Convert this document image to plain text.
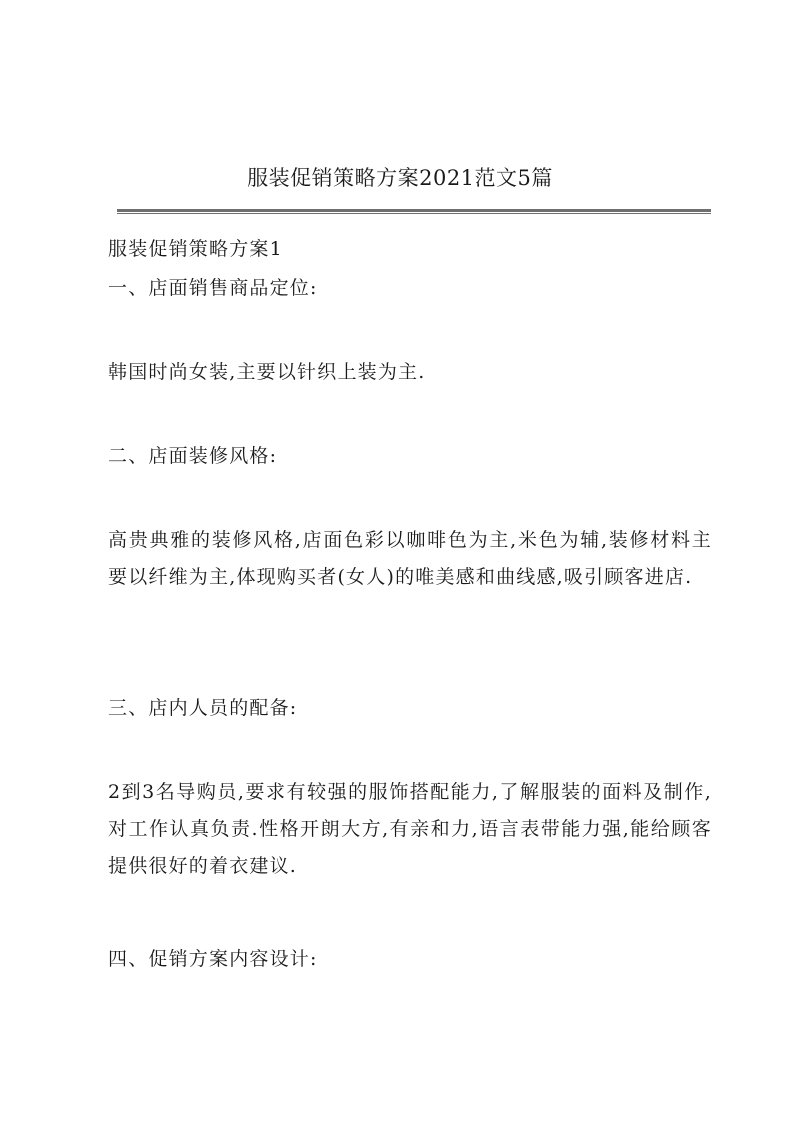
服装促销策略方案2021范文5篇
服装促销策略方案1
一、店面销售商品定位:
韩国时尚女装,主要以针织上装为主.
二、店面装修风格:
高贵典雅的装修风格,店面色彩以咖啡色为主,米色为辅,装修材料主要以纤维为主,体现购买者(女人)的唯美感和曲线感,吸引顾客进店.
三、店内人员的配备:
2到3名导购员,要求有较强的服饰搭配能力,了解服装的面料及制作,对工作认真负责.性格开朗大方,有亲和力,语言表带能力强,能给顾客提供很好的着衣建议.
四、促销方案内容设计:
